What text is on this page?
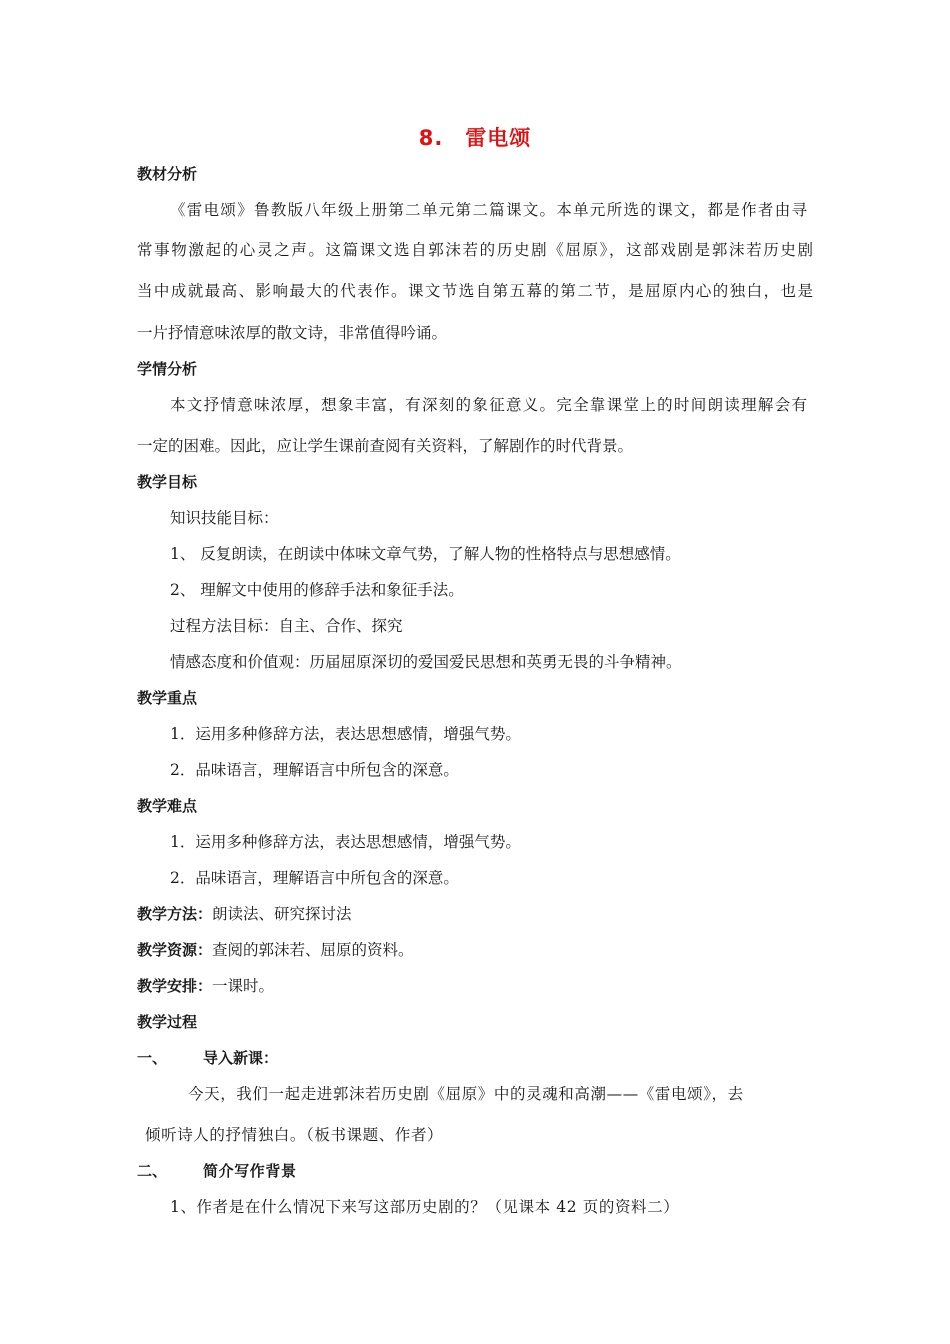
8. 雷电颂
教材分析
《雷电颂》鲁教版八年级上册第二单元第二篇课文。本单元所选的课文，都是作者由寻
常事物激起的心灵之声。这篇课文选自郭沫若的历史剧《屈原》，这部戏剧是郭沫若历史剧
当中成就最高、影响最大的代表作。课文节选自第五幕的第二节，是屈原内心的独白，也是
一片抒情意味浓厚的散文诗，非常值得吟诵。
学情分析
本文抒情意味浓厚，想象丰富，有深刻的象征意义。完全靠课堂上的时间朗读理解会有
一定的困难。因此，应让学生课前查阅有关资料，了解剧作的时代背景。
教学目标
知识技能目标：
1、 反复朗读，在朗读中体味文章气势，了解人物的性格特点与思想感情。
2、 理解文中使用的修辞手法和象征手法。
过程方法目标：自主、合作、探究
情感态度和价值观：历届屈原深切的爱国爱民思想和英勇无畏的斗争精神。
教学重点
1．运用多种修辞方法，表达思想感情，增强气势。
2．品味语言，理解语言中所包含的深意。
教学难点
1．运用多种修辞方法，表达思想感情，增强气势。
2．品味语言，理解语言中所包含的深意。
教学方法：朗读法、研究探讨法
教学资源：查阅的郭沫若、屈原的资料。
教学安排：一课时。
教学过程
一、 导入新课：
今天，我们一起走进郭沫若历史剧《屈原》中的灵魂和高潮——《雷电颂》，去
倾听诗人的抒情独白。（板书课题、作者）
二、 简介写作背景
1、作者是在什么情况下来写这部历史剧的？（见课本 42 页的资料二）
